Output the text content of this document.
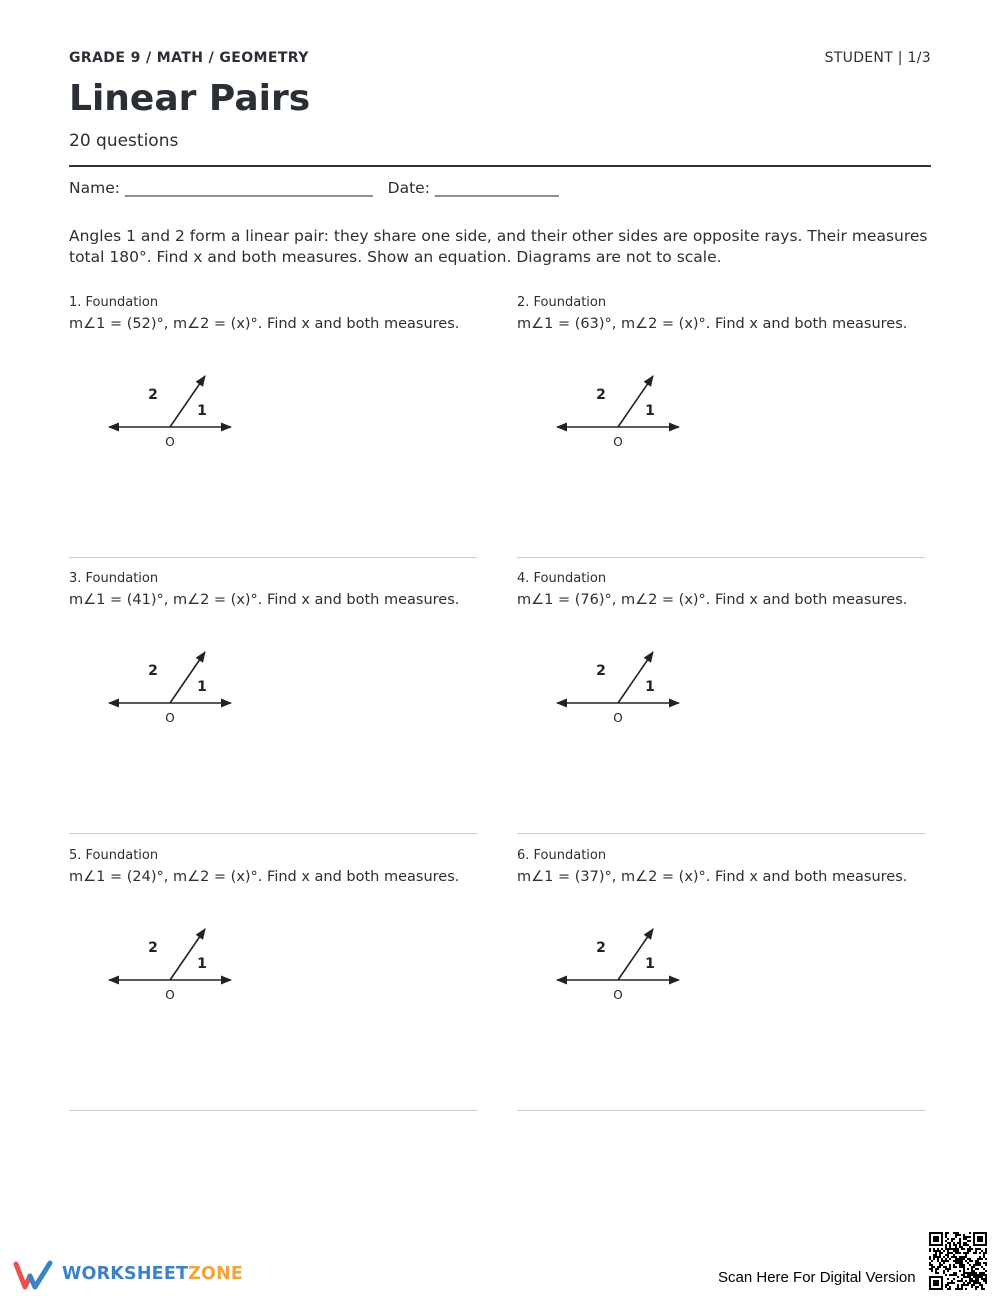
GRADE 9 / MATH / GEOMETRY	STUDENT | 1/3
Linear Pairs
20 questions
Name: ________________________________   Date: ________________

Angles 1 and 2 form a linear pair: they share one side, and their other sides are opposite rays. Their measures total 180°. Find x and both measures. Show an equation. Diagrams are not to scale.

1. Foundation
m∠1 = (52)°, m∠2 = (x)°. Find x and both measures.
2
1
O
2. Foundation
m∠1 = (63)°, m∠2 = (x)°. Find x and both measures.
2
1
O
3. Foundation
m∠1 = (41)°, m∠2 = (x)°. Find x and both measures.
2
1
O
4. Foundation
m∠1 = (76)°, m∠2 = (x)°. Find x and both measures.
2
1
O
5. Foundation
m∠1 = (24)°, m∠2 = (x)°. Find x and both measures.
2
1
O
6. Foundation
m∠1 = (37)°, m∠2 = (x)°. Find x and both measures.
2
1
O
WORKSHEETZONE	Scan Here For Digital Version
